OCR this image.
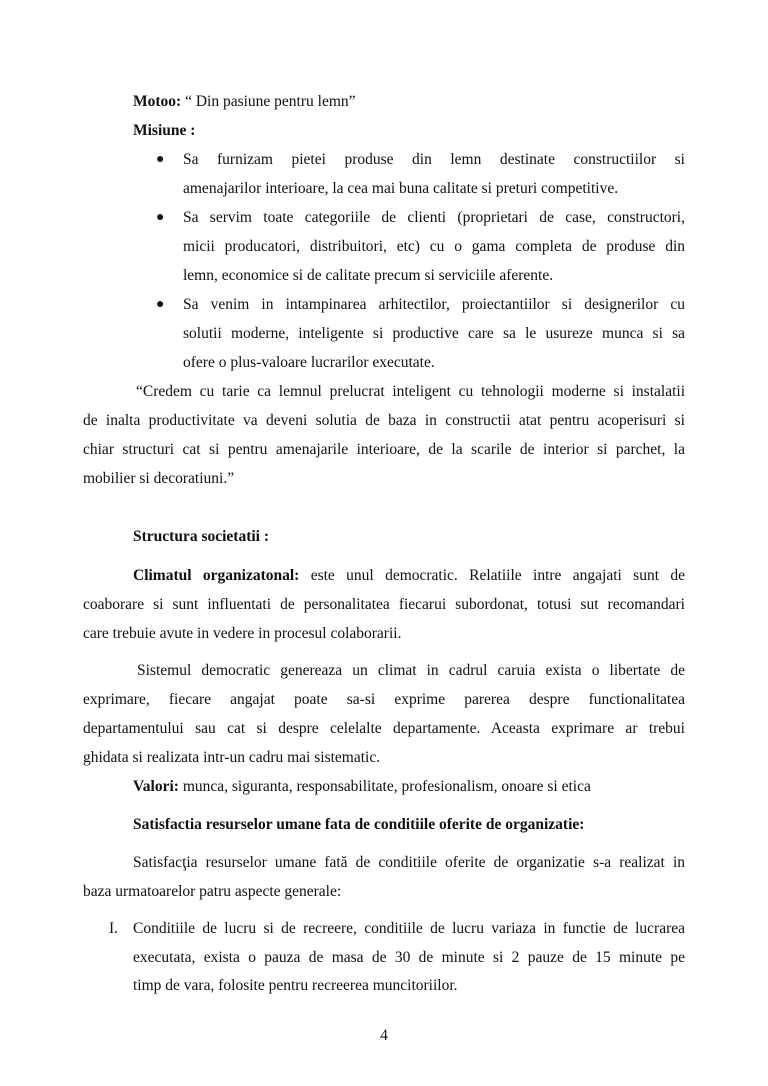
Motoo: “ Din pasiune pentru lemn”
Misiune :
● Sa furnizam pietei produse din lemn destinate constructiilor si
amenajarilor interioare, la cea mai buna calitate si preturi competitive.
● Sa servim toate categoriile de clienti (proprietari de case, constructori,
micii producatori, distribuitori, etc) cu o gama completa de produse din
lemn, economice si de calitate precum si serviciile aferente.
● Sa venim in intampinarea arhitectilor, proiectantiilor si designerilor cu
solutii moderne, inteligente si productive care sa le usureze munca si sa
ofere o plus-valoare lucrarilor executate.
“Credem cu tarie ca lemnul prelucrat inteligent cu tehnologii moderne si instalatii
de inalta productivitate va deveni solutia de baza in constructii atat pentru acoperisuri si
chiar structuri cat si pentru amenajarile interioare, de la scarile de interior si parchet, la
mobilier si decoratiuni.”
Structura societatii :
Climatul organizatonal: este unul democratic. Relatiile intre angajati sunt de
coaborare si sunt influentati de personalitatea fiecarui subordonat, totusi sut recomandari
care trebuie avute in vedere in procesul colaborarii.
Sistemul democratic genereaza un climat in cadrul caruia exista o libertate de
exprimare, fiecare angajat poate sa-si exprime parerea despre functionalitatea
departamentului sau cat si despre celelalte departamente. Aceasta exprimare ar trebui
ghidata si realizata intr-un cadru mai sistematic.
Valori: munca, siguranta, responsabilitate, profesionalism, onoare si etica
Satisfactia resurselor umane fata de conditiile oferite de organizatie:
Satisfacţia resurselor umane fată de conditiile oferite de organizatie s-a realizat in
baza urmatoarelor patru aspecte generale:
I. Conditiile de lucru si de recreere, conditiile de lucru variaza in functie de lucrarea
executata, exista o pauza de masa de 30 de minute si 2 pauze de 15 minute pe
timp de vara, folosite pentru recreerea muncitoriilor.
4
